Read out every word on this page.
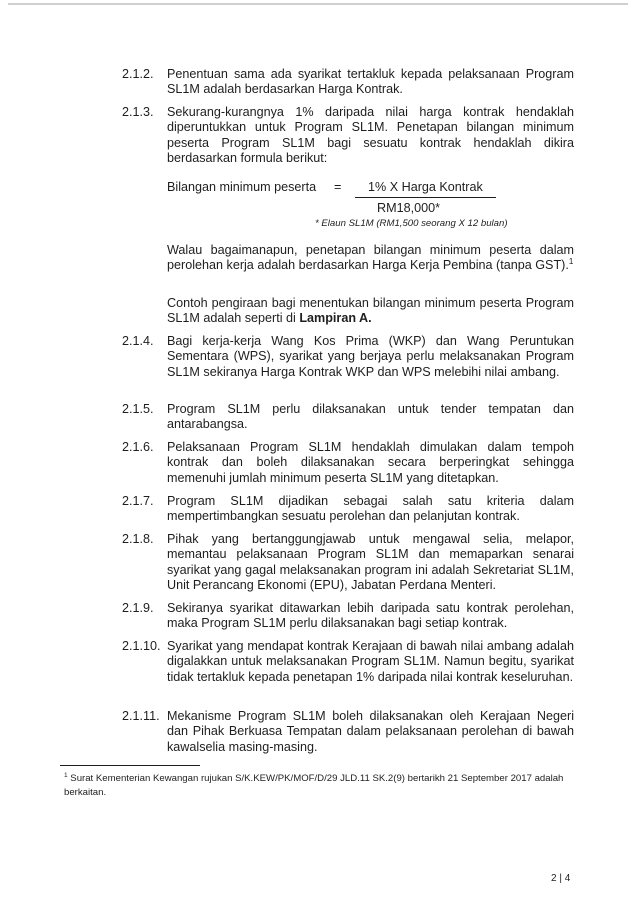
2.1.2. Penentuan sama ada syarikat tertakluk kepada pelaksanaan Program SL1M adalah berdasarkan Harga Kontrak.
2.1.3. Sekurang-kurangnya 1% daripada nilai harga kontrak hendaklah diperuntukkan untuk Program SL1M. Penetapan bilangan minimum peserta Program SL1M bagi sesuatu kontrak hendaklah dikira berdasarkan formula berikut:
Bilangan minimum peserta = 1% X Harga Kontrak
RM18,000*
* Elaun SL1M (RM1,500 seorang X 12 bulan)
Walau bagaimanapun, penetapan bilangan minimum peserta dalam perolehan kerja adalah berdasarkan Harga Kerja Pembina (tanpa GST).$^1$
Contoh pengiraan bagi menentukan bilangan minimum peserta Program SL1M adalah seperti di Lampiran A.
2.1.4. Bagi kerja-kerja Wang Kos Prima (WKP) dan Wang Peruntukan Sementara (WPS), syarikat yang berjaya perlu melaksanakan Program SL1M sekiranya Harga Kontrak WKP dan WPS melebihi nilai ambang.
2.1.5. Program SL1M perlu dilaksanakan untuk tender tempatan dan antarabangsa.
2.1.6. Pelaksanaan Program SL1M hendaklah dimulakan dalam tempoh kontrak dan boleh dilaksanakan secara berperingkat sehingga memenuhi jumlah minimum peserta SL1M yang ditetapkan.
2.1.7. Program SL1M dijadikan sebagai salah satu kriteria dalam mempertimbangkan sesuatu perolehan dan pelanjutan kontrak.
2.1.8. Pihak yang bertanggungjawab untuk mengawal selia, melapor, memantau pelaksanaan Program SL1M dan memaparkan senarai syarikat yang gagal melaksanakan program ini adalah Sekretariat SL1M, Unit Perancang Ekonomi (EPU), Jabatan Perdana Menteri.
2.1.9. Sekiranya syarikat ditawarkan lebih daripada satu kontrak perolehan, maka Program SL1M perlu dilaksanakan bagi setiap kontrak.
2.1.10. Syarikat yang mendapat kontrak Kerajaan di bawah nilai ambang adalah digalakkan untuk melaksanakan Program SL1M. Namun begitu, syarikat tidak tertakluk kepada penetapan 1% daripada nilai kontrak keseluruhan.
2.1.11. Mekanisme Program SL1M boleh dilaksanakan oleh Kerajaan Negeri dan Pihak Berkuasa Tempatan dalam pelaksanaan perolehan di bawah kawalselia masing-masing.
$^1$ Surat Kementerian Kewangan rujukan S/K.KEW/PK/MOF/D/29 JLD.11 SK.2(9) bertarikh 21 September 2017 adalah berkaitan.
2 | 4
